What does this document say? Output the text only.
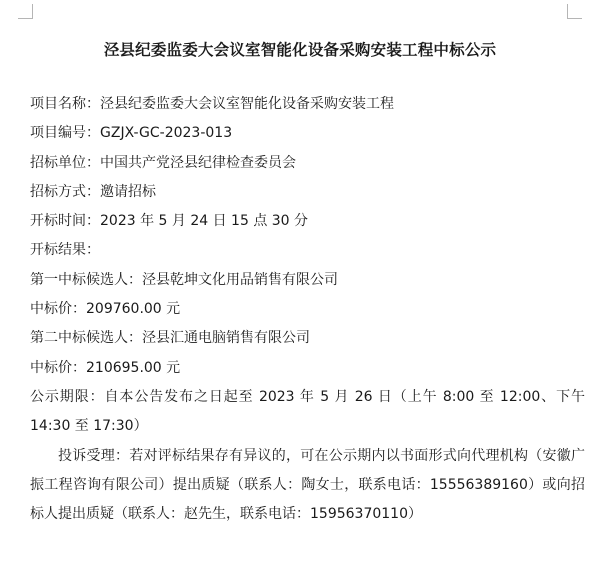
泾县纪委监委大会议室智能化设备采购安装工程中标公示
项目名称：泾县纪委监委大会议室智能化设备采购安装工程
项目编号：GZJX-GC-2023-013
招标单位：中国共产党泾县纪律检查委员会
招标方式：邀请招标
开标时间：2023 年 5 月 24 日 15 点 30 分
开标结果：
第一中标候选人：泾县乾坤文化用品销售有限公司
中标价：209760.00 元
第二中标候选人：泾县汇通电脑销售有限公司
中标价：210695.00 元
公示期限：自本公告发布之日起至 2023 年 5 月 26 日（上午 8:00 至 12:00、下午 14:30 至 17:30）
投诉受理：若对评标结果存有异议的，可在公示期内以书面形式向代理机构（安徽广振工程咨询有限公司）提出质疑（联系人：陶女士，联系电话：15556389160）或向招标人提出质疑（联系人：赵先生，联系电话：15956370110）
